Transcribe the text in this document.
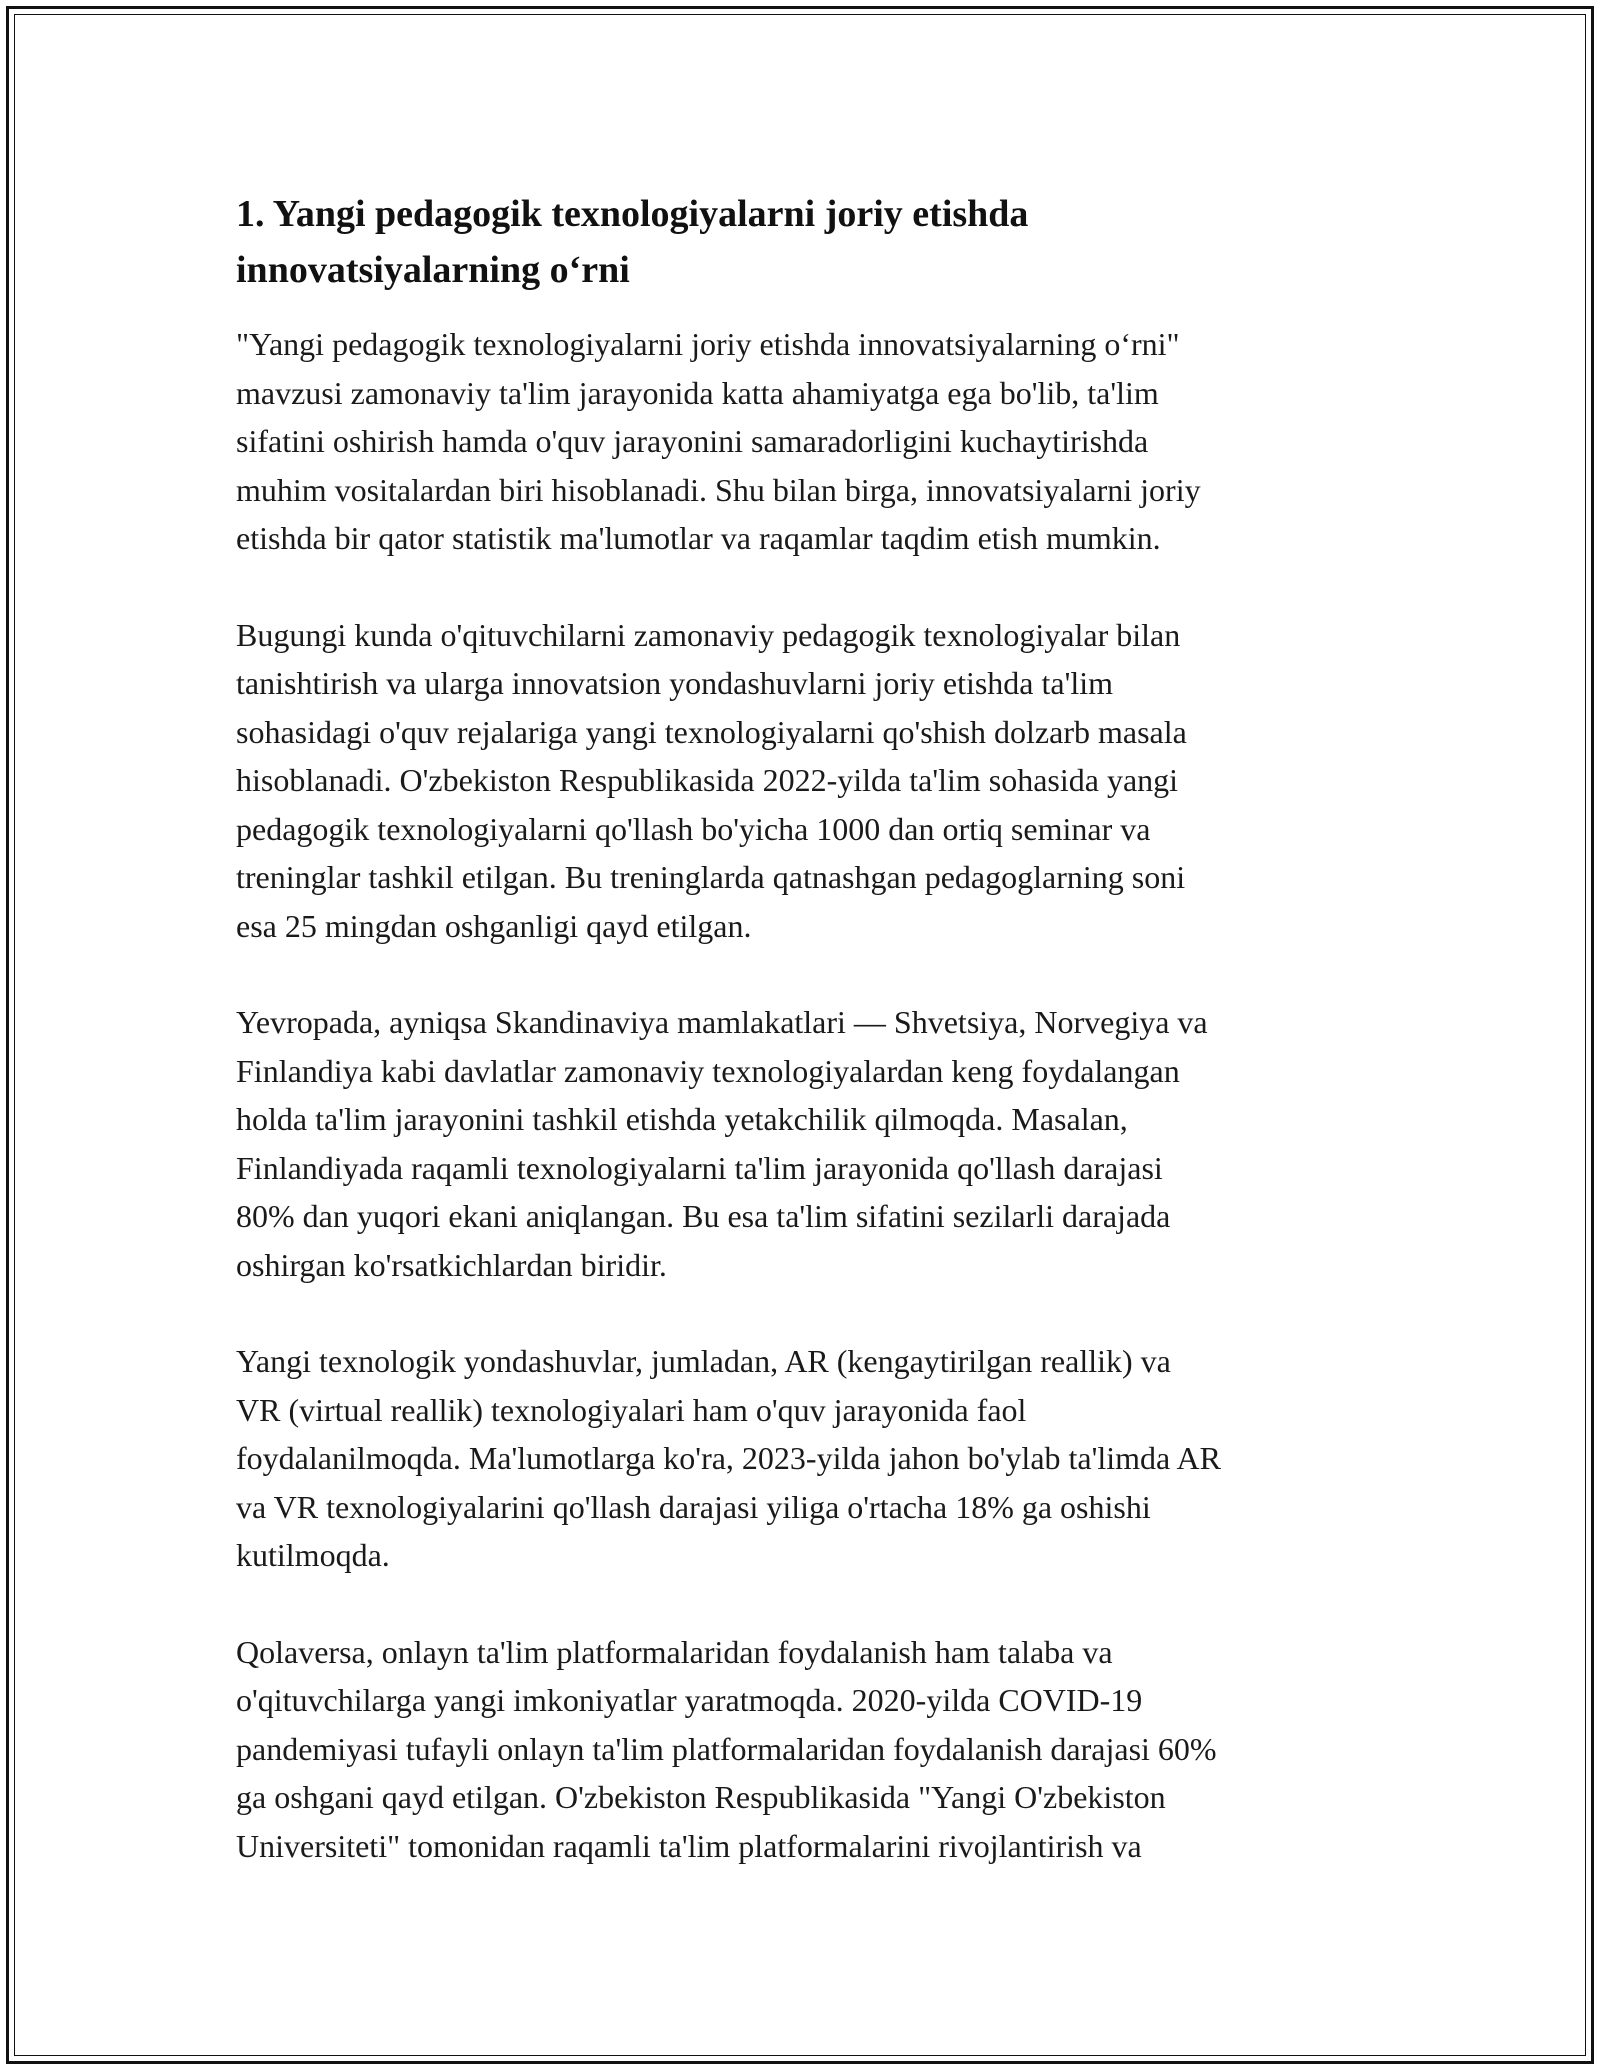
1. Yangi pedagogik texnologiyalarni joriy etishda
innovatsiyalarning o‘rni

"Yangi pedagogik texnologiyalarni joriy etishda innovatsiyalarning o‘rni"
mavzusi zamonaviy ta'lim jarayonida katta ahamiyatga ega bo'lib, ta'lim
sifatini oshirish hamda o'quv jarayonini samaradorligini kuchaytirishda
muhim vositalardan biri hisoblanadi. Shu bilan birga, innovatsiyalarni joriy
etishda bir qator statistik ma'lumotlar va raqamlar taqdim etish mumkin.

Bugungi kunda o'qituvchilarni zamonaviy pedagogik texnologiyalar bilan
tanishtirish va ularga innovatsion yondashuvlarni joriy etishda ta'lim
sohasidagi o'quv rejalariga yangi texnologiyalarni qo'shish dolzarb masala
hisoblanadi. O'zbekiston Respublikasida 2022-yilda ta'lim sohasida yangi
pedagogik texnologiyalarni qo'llash bo'yicha 1000 dan ortiq seminar va
treninglar tashkil etilgan. Bu treninglarda qatnashgan pedagoglarning soni
esa 25 mingdan oshganligi qayd etilgan.

Yevropada, ayniqsa Skandinaviya mamlakatlari — Shvetsiya, Norvegiya va
Finlandiya kabi davlatlar zamonaviy texnologiyalardan keng foydalangan
holda ta'lim jarayonini tashkil etishda yetakchilik qilmoqda. Masalan,
Finlandiyada raqamli texnologiyalarni ta'lim jarayonida qo'llash darajasi
80% dan yuqori ekani aniqlangan. Bu esa ta'lim sifatini sezilarli darajada
oshirgan ko'rsatkichlardan biridir.

Yangi texnologik yondashuvlar, jumladan, AR (kengaytirilgan reallik) va
VR (virtual reallik) texnologiyalari ham o'quv jarayonida faol
foydalanilmoqda. Ma'lumotlarga ko'ra, 2023-yilda jahon bo'ylab ta'limda AR
va VR texnologiyalarini qo'llash darajasi yiliga o'rtacha 18% ga oshishi
kutilmoqda.

Qolaversa, onlayn ta'lim platformalaridan foydalanish ham talaba va
o'qituvchilarga yangi imkoniyatlar yaratmoqda. 2020-yilda COVID-19
pandemiyasi tufayli onlayn ta'lim platformalaridan foydalanish darajasi 60%
ga oshgani qayd etilgan. O'zbekiston Respublikasida "Yangi O'zbekiston
Universiteti" tomonidan raqamli ta'lim platformalarini rivojlantirish va
